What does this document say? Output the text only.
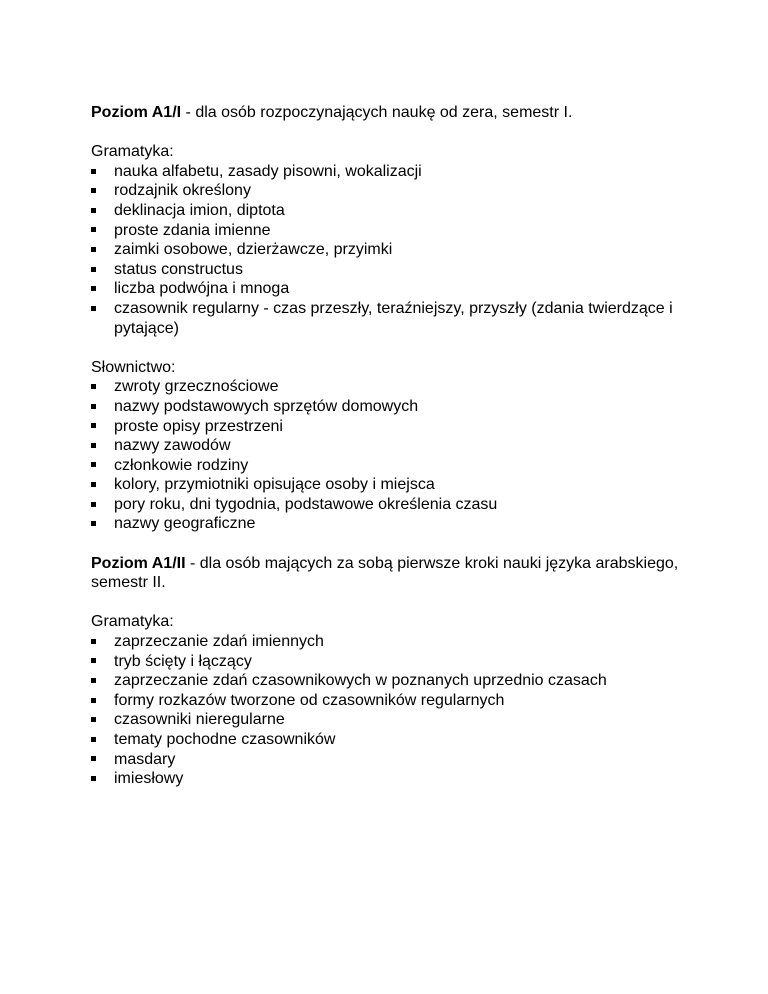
Poziom A1/I - dla osób rozpoczynających naukę od zera, semestr I.

Gramatyka:

nauka alfabetu, zasady pisowni, wokalizacji
rodzajnik określony
deklinacja imion, diptota
proste zdania imienne
zaimki osobowe, dzierżawcze, przyimki
status constructus
liczba podwójna i mnoga
czasownik regularny - czas przeszły, teraźniejszy, przyszły (zdania twierdzące i pytające)

Słownictwo:

zwroty grzecznościowe
nazwy podstawowych sprzętów domowych
proste opisy przestrzeni
nazwy zawodów
członkowie rodziny
kolory, przymiotniki opisujące osoby i miejsca
pory roku, dni tygodnia, podstawowe określenia czasu
nazwy geograficzne

Poziom A1/II - dla osób mających za sobą pierwsze kroki nauki języka arabskiego, semestr II.

Gramatyka:

zaprzeczanie zdań imiennych
tryb ścięty i łączący
zaprzeczanie zdań czasownikowych w poznanych uprzednio czasach
formy rozkazów tworzone od czasowników regularnych
czasowniki nieregularne
tematy pochodne czasowników
masdary
imiesłowy
